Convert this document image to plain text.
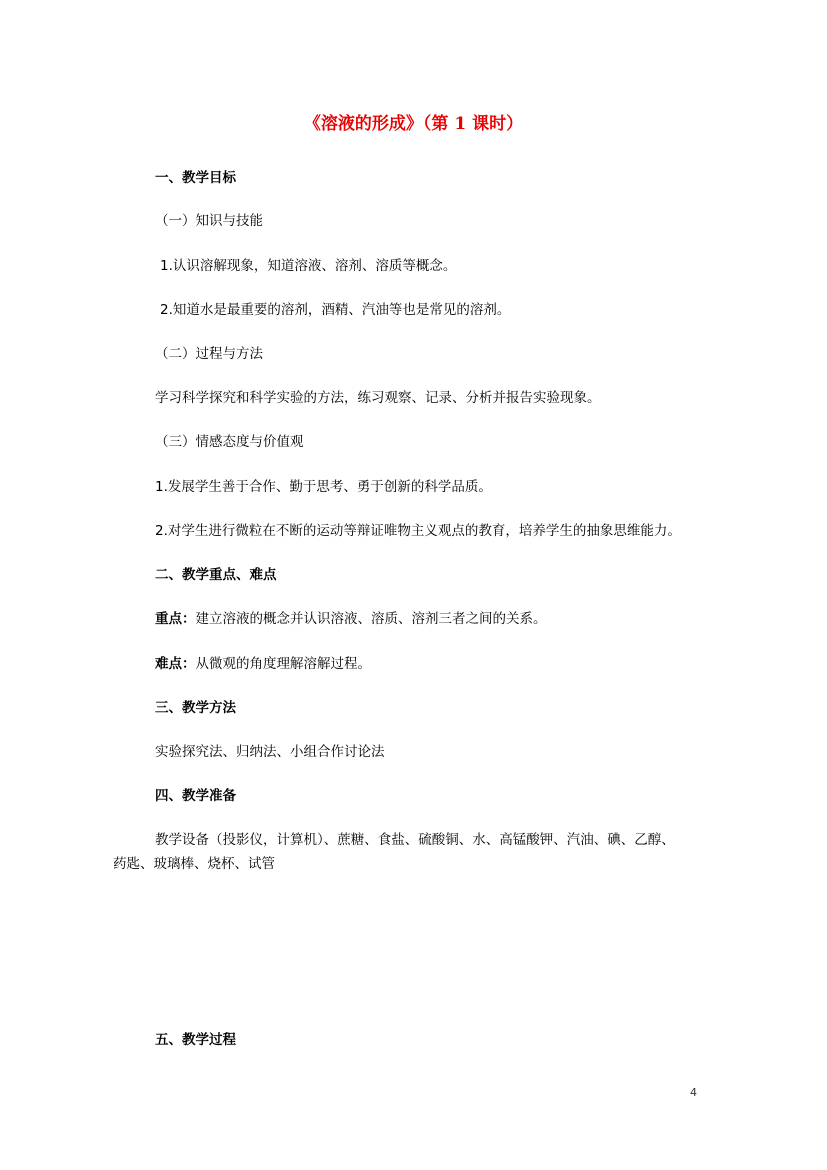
《溶液的形成》（第 1 课时）
一、教学目标
（一）知识与技能
1.认识溶解现象，知道溶液、溶剂、溶质等概念。
2.知道水是最重要的溶剂，酒精、汽油等也是常见的溶剂。
（二）过程与方法
学习科学探究和科学实验的方法，练习观察、记录、分析并报告实验现象。
（三）情感态度与价值观
1.发展学生善于合作、勤于思考、勇于创新的科学品质。
2.对学生进行微粒在不断的运动等辩证唯物主义观点的教育，培养学生的抽象思维能力。
二、教学重点、难点
重点：建立溶液的概念并认识溶液、溶质、溶剂三者之间的关系。
难点：从微观的角度理解溶解过程。
三、教学方法
实验探究法、归纳法、小组合作讨论法
四、教学准备
教学设备（投影仪，计算机）、蔗糖、食盐、硫酸铜、水、高锰酸钾、汽油、碘、乙醇、
药匙、玻璃棒、烧杯、试管
五、教学过程
4
